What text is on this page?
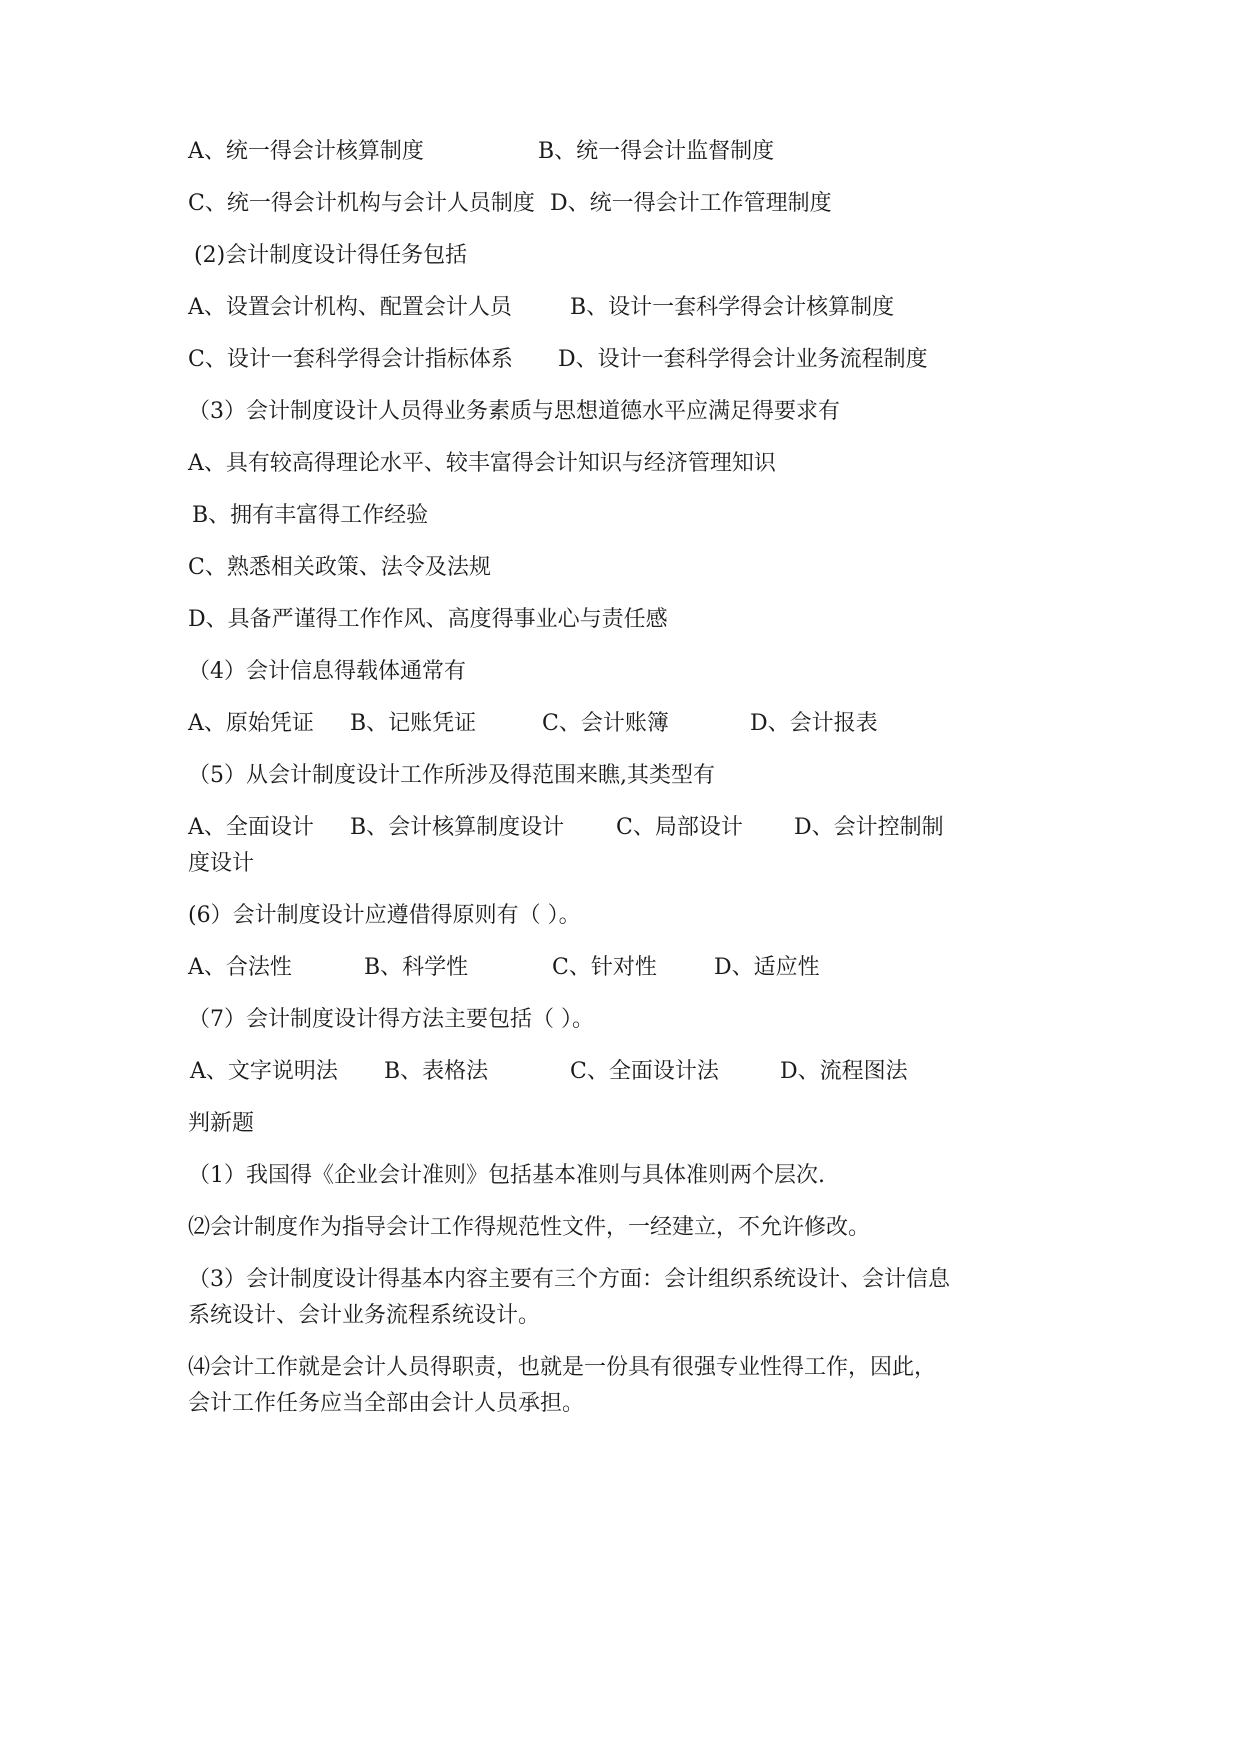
A、统一得会计核算制度	B、统一得会计监督制度
C、统一得会计机构与会计人员制度 D、统一得会计工作管理制度
(2)会计制度设计得任务包括
A、设置会计机构、配置会计人员	B、设计一套科学得会计核算制度
C、设计一套科学得会计指标体系 D、设计一套科学得会计业务流程制度
（3）会计制度设计人员得业务素质与思想道德水平应满足得要求有
A、具有较高得理论水平、较丰富得会计知识与经济管理知识
B、拥有丰富得工作经验
C、熟悉相关政策、法令及法规
D、具备严谨得工作作风、高度得事业心与责任感
（4）会计信息得载体通常有
A、原始凭证 B、记账凭证	C、会计账簿	D、会计报表
（5）从会计制度设计工作所涉及得范围来瞧,其类型有
A、全面设计 B、会计核算制度设计 C、局部设计 D、会计控制制
度设计
(6）会计制度设计应遵借得原则有（ ）。
A、合法性	B、科学性	C、针对性	D、适应性
（7）会计制度设计得方法主要包括（ ）。
A、文字说明法 B、表格法	C、全面设计法	D、流程图法
判新题
（1）我国得《企业会计准则》包括基本准则与具体准则两个层次.
⑵会计制度作为指导会计工作得规范性文件，一经建立，不允许修改。
（3）会计制度设计得基本内容主要有三个方面：会计组织系统设计、会计信息
系统设计、会计业务流程系统设计。
⑷会计工作就是会计人员得职责，也就是一份具有很强专业性得工作，因此，
会计工作任务应当全部由会计人员承担。
